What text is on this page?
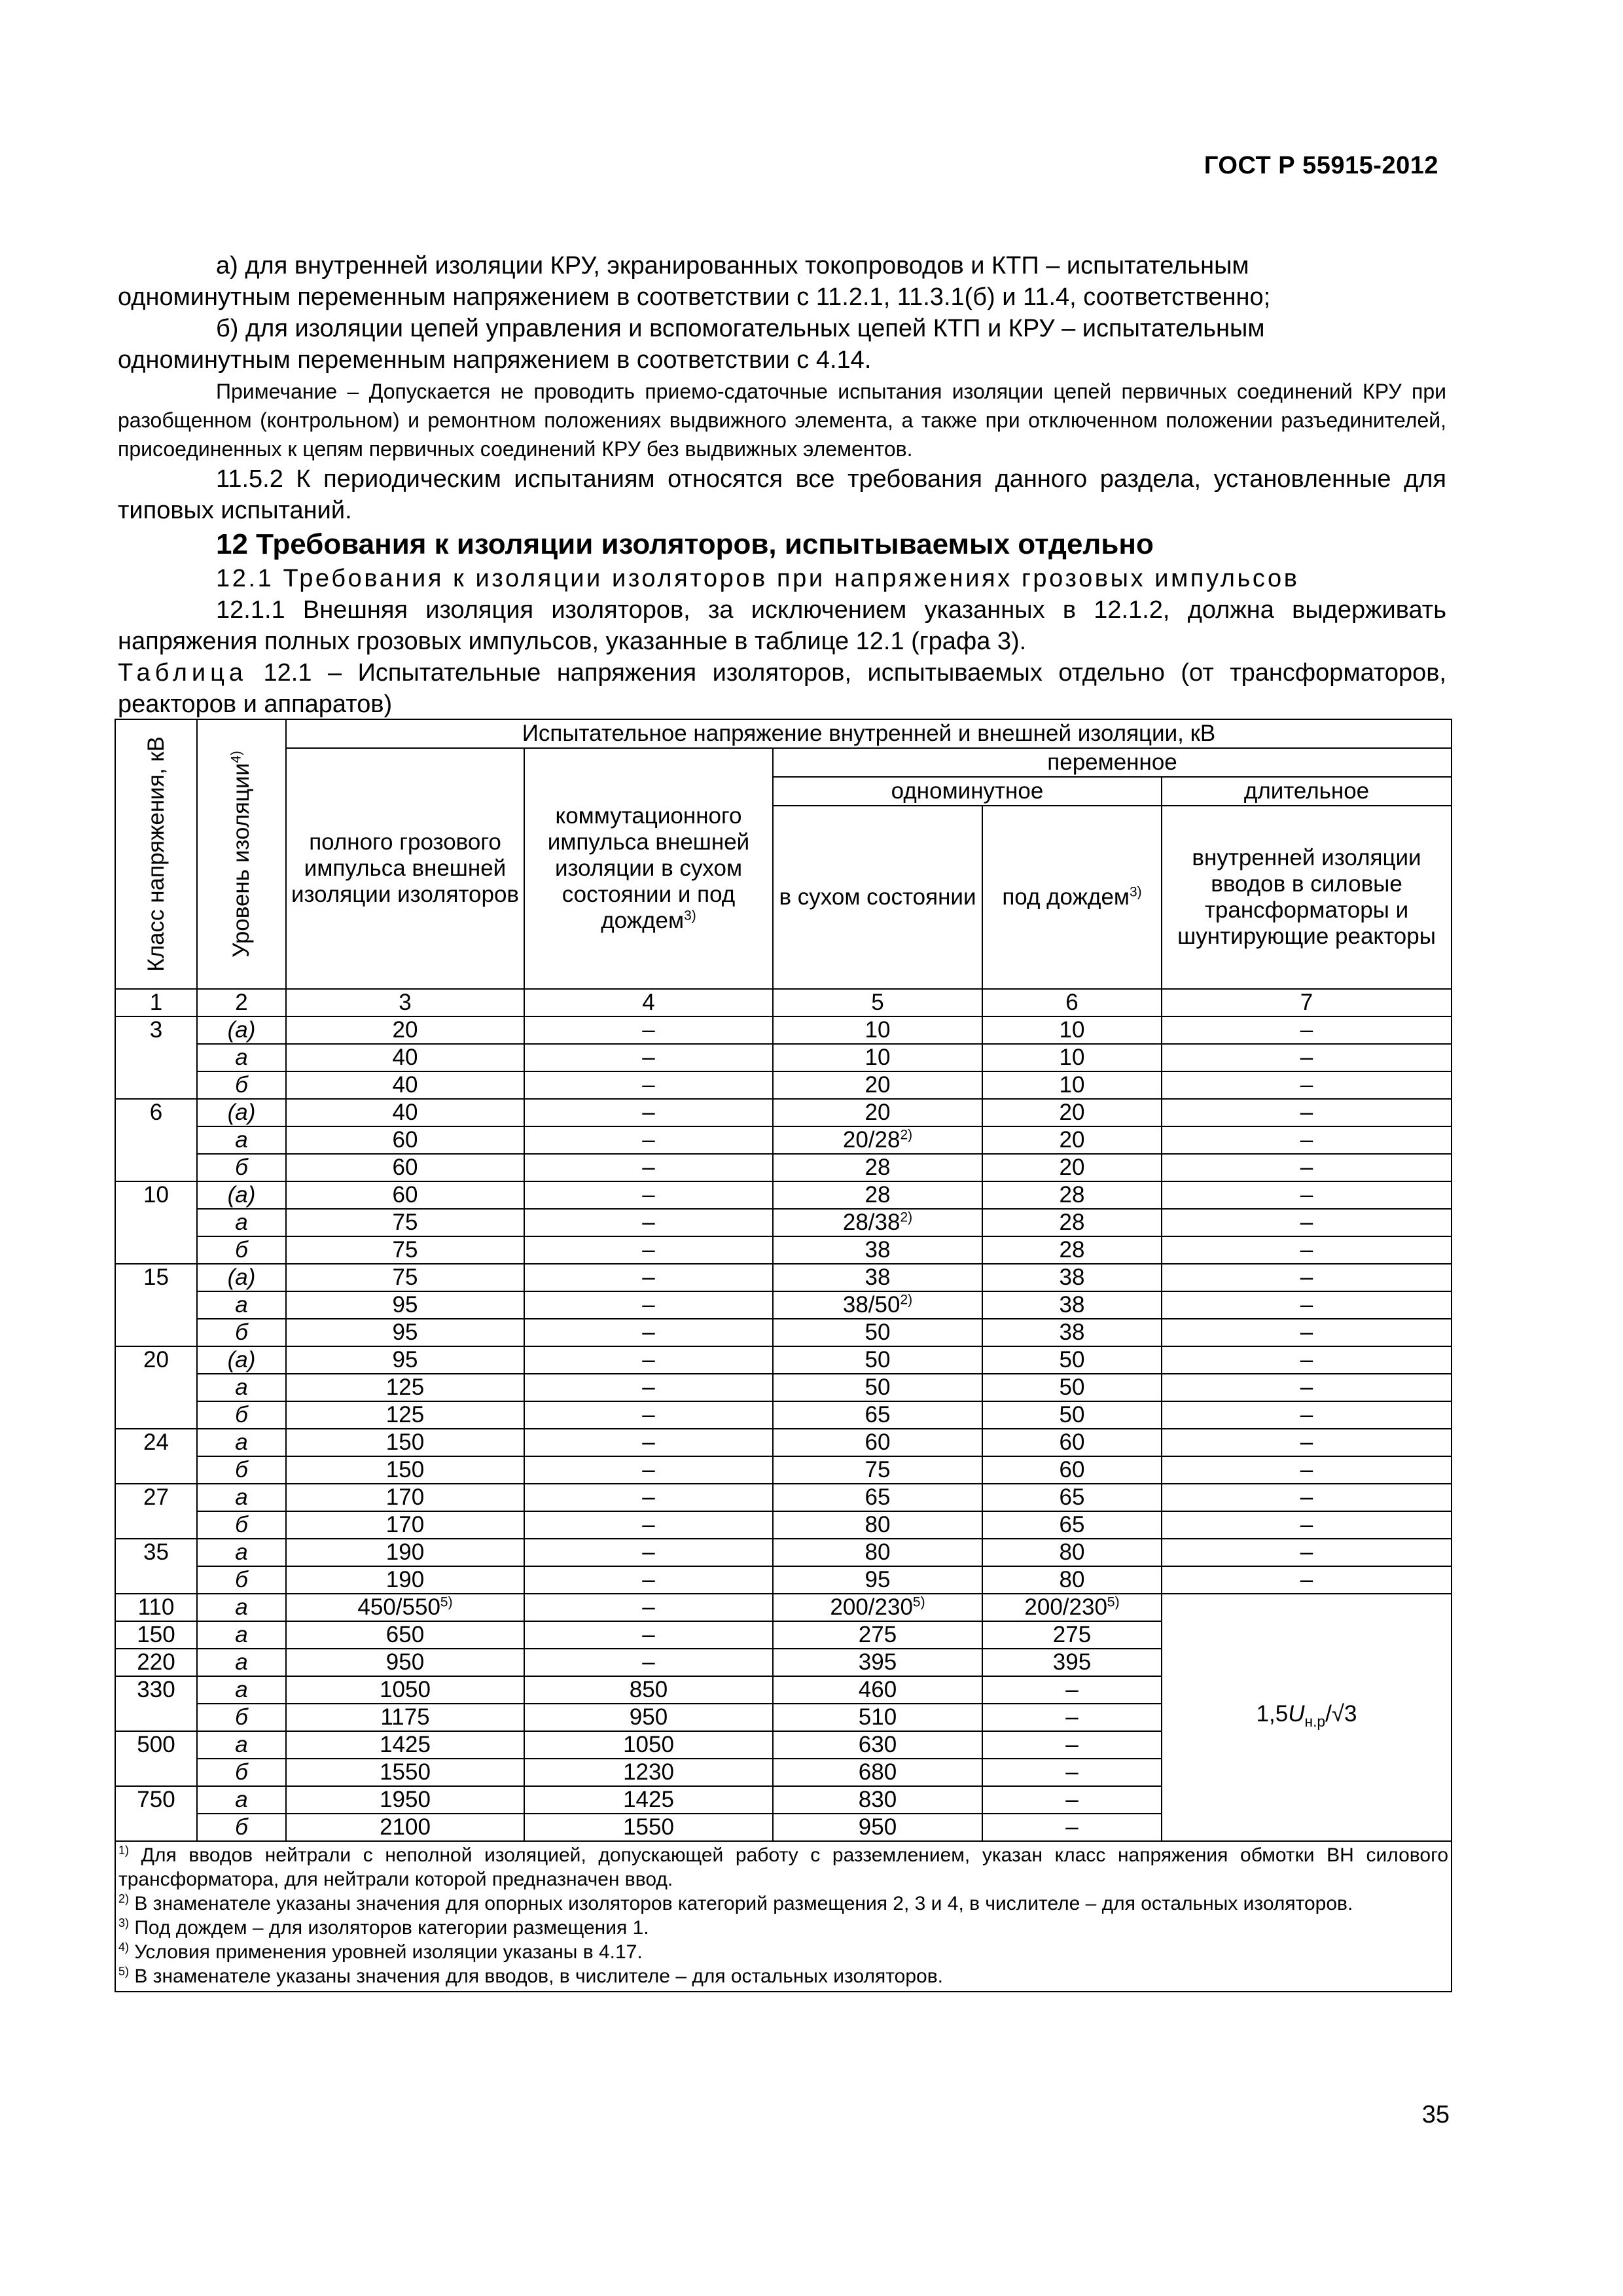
ГОСТ Р 55915-2012

а) для внутренней изоляции КРУ, экранированных токопроводов и КТП – испытательным

одноминутным переменным напряжением в соответствии с 11.2.1, 11.3.1(б) и 11.4, соответственно;

б) для изоляции цепей управления и вспомогательных цепей КТП и КРУ – испытательным

одноминутным переменным напряжением в соответствии с 4.14.

Примечание – Допускается не проводить приемо-сдаточные испытания изоляции цепей первичных соединений КРУ при разобщенном (контрольном) и ремонтном положениях выдвижного элемента, а также при отключенном положении разъединителей, присоединенных к цепям первичных соединений КРУ без выдвижных элементов.

11.5.2 К периодическим испытаниям относятся все требования данного раздела, установленные для типовых испытаний.

12 Требования к изоляции изоляторов, испытываемых отдельно

12.1 Требования к изоляции изоляторов при напряжениях грозовых импульсов

12.1.1 Внешняя изоляция изоляторов, за исключением указанных в 12.1.2, должна выдерживать напряжения полных грозовых импульсов, указанные в таблице 12.1 (графа 3).

Таблица 12.1 – Испытательные напряжения изоляторов, испытываемых отдельно (от трансформаторов, реакторов и аппаратов)

Класс напряжения, кВ	Уровень изоляции$^{4)}$	Испытательное напряжение внутренней и внешней изоляции, кВ				
		полного грозового импульса внешней изоляции изоляторов	коммутационного импульса внешней изоляции в сухом состоянии и под дождем$^{3)}$	переменное		
				одноминутное		длительное
				в сухом состоянии	под дождем$^{3)}$	внутренней изоляции вводов в силовые трансформаторы и шунтирующие реакторы
1	2	3	4	5	6	7
3	(а)	20	–	10	10	–
	а	40	–	10	10	–
	б	40	–	20	10	–
6	(а)	40	–	20	20	–
	а	60	–	20/28$^{2)}$	20	–
	б	60	–	28	20	–
10	(а)	60	–	28	28	–
	а	75	–	28/38$^{2)}$	28	–
	б	75	–	38	28	–
15	(а)	75	–	38	38	–
	а	95	–	38/50$^{2)}$	38	–
	б	95	–	50	38	–
20	(а)	95	–	50	50	–
	а	125	–	50	50	–
	б	125	–	65	50	–
24	а	150	–	60	60	–
	б	150	–	75	60	–
27	а	170	–	65	65	–
	б	170	–	80	65	–
35	а	190	–	80	80	–
	б	190	–	95	80	–
110	а	450/550$^{5)}$	–	200/230$^{5)}$	200/230$^{5)}$	$1,5U_{н.р}/√3$
150	а	650	–	275	275	
220	а	950	–	395	395	
330	а	1050	850	460	–	
	б	1175	950	510	–	
500	а	1425	1050	630	–	
	б	1550	1230	680	–	
750	а	1950	1425	830	–	
	б	2100	1550	950	–	

$^{1)}$ Для вводов нейтрали с неполной изоляцией, допускающей работу с разземлением, указан класс напряжения обмотки ВН силового трансформатора, для нейтрали которой предназначен ввод.

$^{2)}$ В знаменателе указаны значения для опорных изоляторов категорий размещения 2, 3 и 4, в числителе – для остальных изоляторов.

$^{3)}$ Под дождем – для изоляторов категории размещения 1.

$^{4)}$ Условия применения уровней изоляции указаны в 4.17.

$^{5)}$ В знаменателе указаны значения для вводов, в числителе – для остальных изоляторов.						

35
